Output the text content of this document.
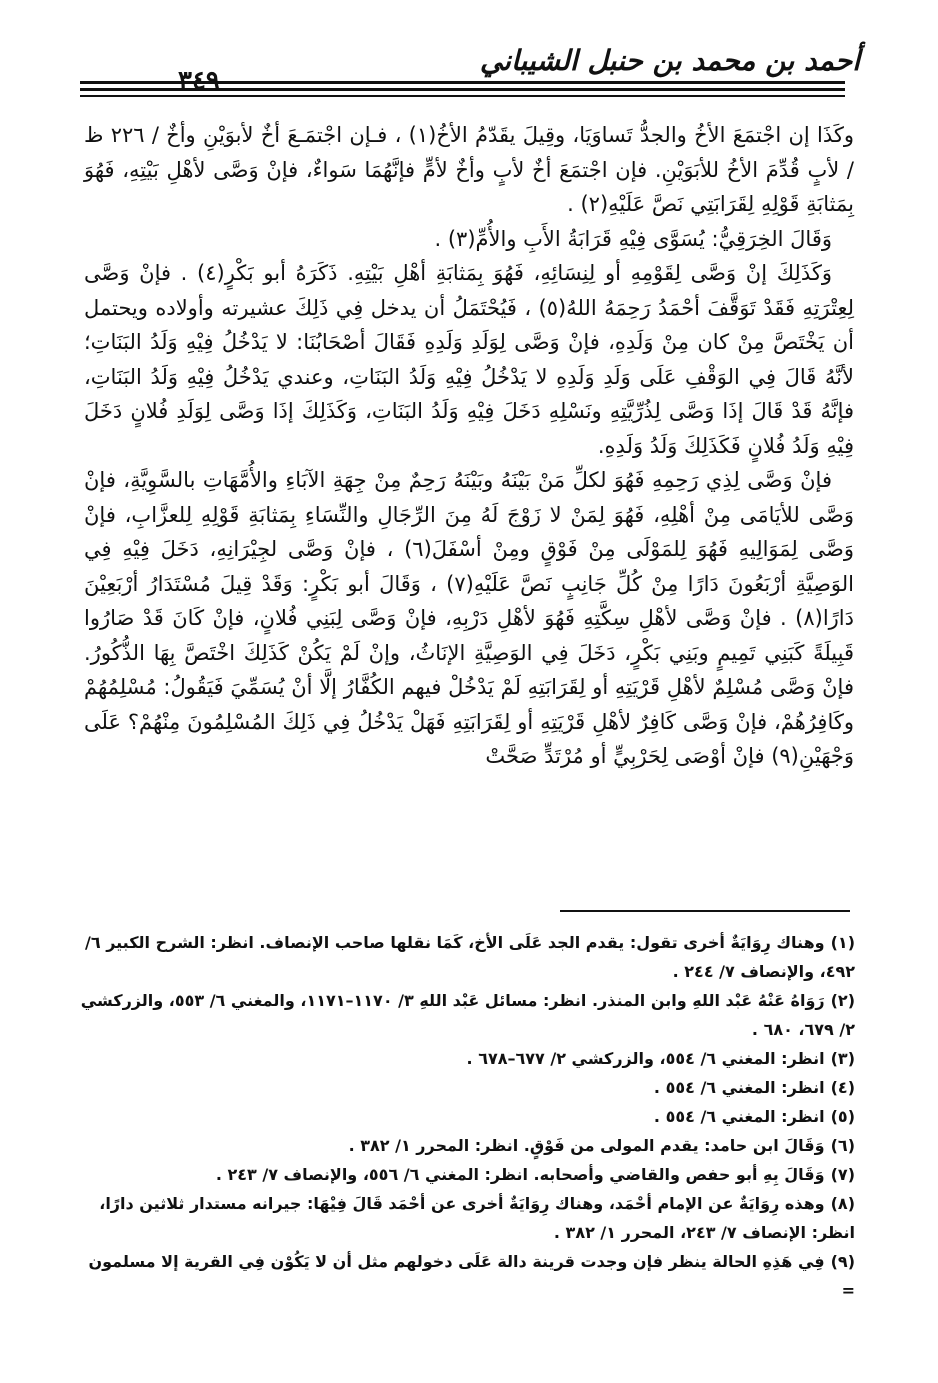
أحمد بن محمد بن حنبل الشيباني
٣٤٩

وكَذَا إن اجْتمَعَ الأخُ والجدُّ تَساوَيَا، وقِيلَ يقَدّمُ الأخُ(١) ، فـإن اجْتمَـعَ أخٌ لأبوَيْنِ وأخٌ / ٢٢٦ ظ / لأبٍ قُدِّمَ الأخُ للأبَوَيْنِ. فإن اجْتمَعَ أخٌ لأبٍ وأخٌ لأمٍّ فإنَّهُمَا سَواءٌ، فإنْ وَصَّى لأهْلِ بَيْتِهِ، فَهُوَ بِمَثابَةِ قَوْلِهِ لِقَرَابَتِي نَصَّ عَلَيْهِ(٢) .

وَقَالَ الخِرَقِيُّ: يُسَوَّى فِيْهِ قَرَابَةُ الأَبِ والأُمِّ(٣) .

وَكَذَلِكَ إنْ وَصَّى لِقَوْمِهِ أو لِنِسَائِهِ، فَهُوَ بِمَثابَةِ أهْلِ بَيْتِهِ. ذَكَرَهُ أبو بَكْرٍ(٤) . فإنْ وَصَّى لِعِتْرَتِهِ فَقَدْ تَوَقَّفَ أحْمَدُ رَحِمَهُ اللهُ(٥) ، فَيُحْتَمَلُ أن يدخل فِي ذَلِكَ عشيرته وأولاده ويحتمل أن يَخْتَصَّ مِنْ كان مِنْ وَلَدِهِ، فإنْ وَصَّى لِوَلَدِ وَلَدِهِ فَقَالَ أصْحَابُنَا: لا يَدْخُلُ فِيْهِ وَلَدُ البَنَاتِ؛ لأنَّهُ قَالَ فِي الوَقْفِ عَلَى وَلَدِ وَلَدِهِ لا يَدْخُلُ فِيْهِ وَلَدُ البَنَاتِ، وعندي يَدْخُلُ فِيْهِ وَلَدُ البَنَاتِ، فإنَّهُ قَدْ قَالَ إذَا وَصَّى لِذُرِّيَّتِهِ ونَسْلِهِ دَخَلَ فِيْهِ وَلَدُ البَنَاتِ، وَكَذَلِكَ إذَا وَصَّى لِوَلَدِ فُلانٍ دَخَلَ فِيْهِ وَلَدُ فُلانٍ فَكَذَلِكَ وَلَدُ وَلَدِهِ.

فإنْ وَصَّى لِذِي رَحِمِهِ فَهُوَ لكلِّ مَنْ بَيْنَهُ وبَيْنَهُ رَحِمٌ مِنْ جِهَةِ الآبَاءِ والأُمَّهَاتِ بالسَّوِيَّةِ، فإنْ وَصَّى للأيَامَى مِنْ أهْلِهِ، فَهُوَ لِمَنْ لا زَوْجَ لَهُ مِنَ الرِّجَالِ والنِّسَاءِ بِمَثابَةِ قَوْلِهِ لِلعزَّابِ، فإنْ وَصَّى لِمَوَالِيهِ فَهُوَ لِلمَوْلَى مِنْ فَوْقٍ ومِنْ أسْفَلَ(٦) ، فإنْ وَصَّى لجِيْرَانِهِ، دَخَلَ فِيْهِ فِي الوَصِيَّةِ أرْبَعُونَ دَارًا مِنْ كُلِّ جَانِبٍ نَصَّ عَلَيْهِ(٧) ، وَقَالَ أبو بَكْرٍ: وَقَدْ قِيلَ مُسْتَدَارُ أرْبَعِيْنَ دَارًا(٨) . فإنْ وَصَّى لأهْلِ سِكَّتِهِ فَهُوَ لأهْلِ دَرْبِهِ، فإنْ وَصَّى لِبَنِي فُلانٍ، فإنْ كَانَ قَدْ صَارُوا قَبِيلَةً كَبَنِي تَمِيمٍ وبَنِي بَكْرٍ، دَخَلَ فِي الوَصِيَّةِ الإنَاثُ، وإنْ لَمْ يَكُنْ كَذَلِكَ اخْتَصَّ بِهَا الذُّكُورُ. فإنْ وَصَّى مُسْلِمٌ لأهْلِ قَرْيَتِهِ أو لِقَرَابَتِهِ لَمْ يَدْخُلْ فيهم الكُفَّارُ إلَّا أنْ يُسَمِّيَ فَيَقُولُ: مُسْلِمُهُمْ وكَافِرُهُمْ، فإنْ وَصَّى كَافِرٌ لأهْلِ قَرْيَتِهِ أو لِقَرَابَتِهِ فَهَلْ يَدْخُلُ فِي ذَلِكَ المُسْلِمُونَ مِنْهُمْ؟ عَلَى وَجْهَيْنِ(٩) فإنْ أوْصَى لِحَرْبِيٍّ أو مُرْتَدٍّ صَحَّتْ

(١)وهناك رِوَايَةٌ أخرى تقول: يقدم الجد عَلَى الأخ، كَمَا نقلها صاحب الإنصاف. انظر: الشرح الكبير ٦/ ٤٩٢، والإنصاف ٧/ ٢٤٤ .
(٢)رَوَاهُ عَنْهُ عَبْد اللهِ وابن المنذر. انظر: مسائل عَبْد اللهِ ٣/ ١١٧٠–١١٧١، والمغني ٦/ ٥٥٣، والزركشي ٢/ ٦٧٩، ٦٨٠ .
(٣)انظر: المغني ٦/ ٥٥٤، والزركشي ٢/ ٦٧٧–٦٧٨ .
(٤)انظر: المغني ٦/ ٥٥٤ .
(٥)انظر: المغني ٦/ ٥٥٤ .
(٦)وَقَالَ ابن حامد: يقدم المولى من فَوْقٍ. انظر: المحرر ١/ ٣٨٢ .
(٧)وَقَالَ بِهِ أبو حفص والقاضي وأصحابه. انظر: المغني ٦/ ٥٥٦، والإنصاف ٧/ ٢٤٣ .
(٨)وهذه رِوَايَةٌ عن الإمام أحْمَد، وهناك رِوَايَةٌ أخرى عن أحْمَد قَالَ فِيْهَا: جيرانه مستدار ثلاثين دارًا، انظر: الإنصاف ٧/ ٢٤٣، المحرر ١/ ٣٨٢ .
(٩)فِي هَذِهِ الحالة ينظر فإن وجدت قرينة دالة عَلَى دخولهم مثل أن لا يَكُوْن فِي القرية إلا مسلمون =
